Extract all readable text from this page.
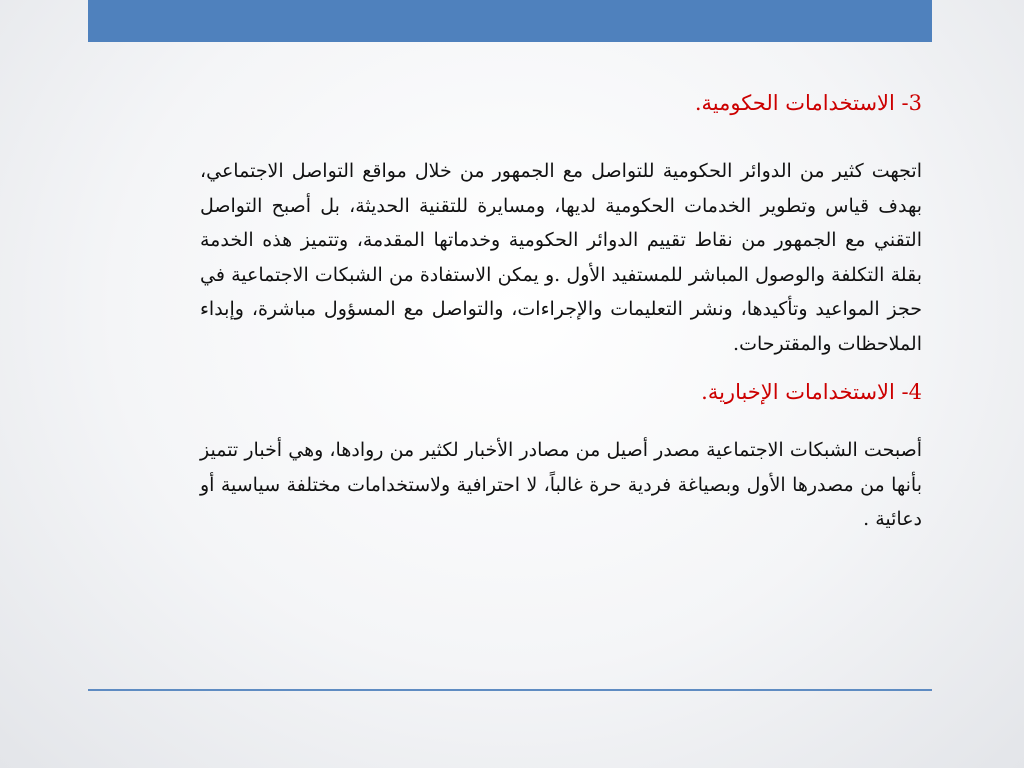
3- الاستخدامات الحكومية.

اتجهت كثير من الدوائر الحكومية للتواصل مع الجمهور من خلال مواقع التواصل الاجتماعي، بهدف قياس وتطوير الخدمات الحكومية لديها، ومسايرة للتقنية الحديثة، بل أصبح التواصل التقني مع الجمهور من نقاط تقييم الدوائر الحكومية وخدماتها المقدمة، وتتميز هذه الخدمة بقلة التكلفة والوصول المباشر للمستفيد الأول .و يمكن الاستفادة من الشبكات الاجتماعية في حجز المواعيد وتأكيدها، ونشر التعليمات والإجراءات، والتواصل مع المسؤول مباشرة، وإبداء الملاحظات والمقترحات.

4- الاستخدامات الإخبارية.

أصبحت الشبكات الاجتماعية مصدر أصيل من مصادر الأخبار لكثير من روادها، وهي أخبار تتميز بأنها من مصدرها الأول وبصياغة فردية حرة غالباً، لا احترافية ولاستخدامات مختلفة سياسية أو دعائية .
